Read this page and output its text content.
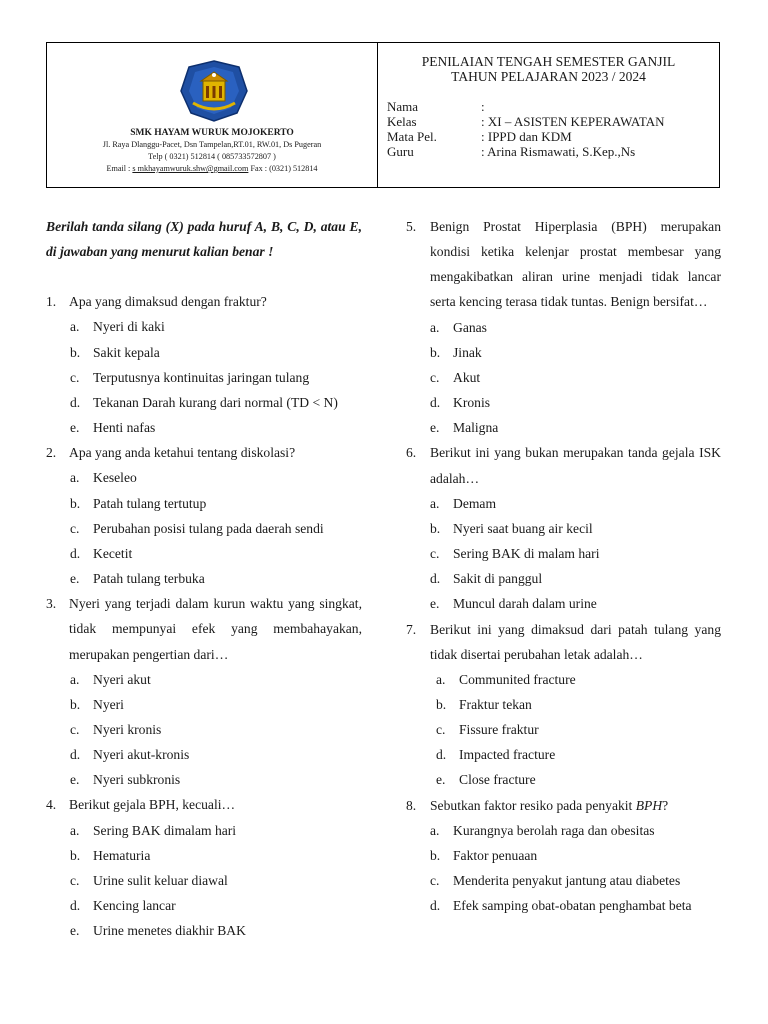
SMK HAYAM WURUK MOJOKERTO
Jl. Raya Dlanggu-Pacet, Dsn Tampelan,RT.01, RW.01, Ds Pugeran
Telp ( 0321) 512814 ( 085733572807 )
Email : s mkhayamwuruk.shw@gmail.com Fax : (0321) 512814
PENILAIAN TENGAH SEMESTER GANJIL
TAHUN PELAJARAN 2023 / 2024
Nama	:
Kelas	: XI – ASISTEN KEPERAWATAN
Mata Pel.	: IPPD dan KDM
Guru	: Arina Rismawati, S.Kep.,Ns
Berilah tanda silang (X) pada huruf A, B, C, D, atau E, di jawaban yang menurut kalian benar !
1. Apa yang dimaksud dengan fraktur?
a. Nyeri di kaki
b. Sakit kepala
c. Terputusnya kontinuitas jaringan tulang
d. Tekanan Darah kurang dari normal (TD < N)
e. Henti nafas
2. Apa yang anda ketahui tentang diskolasi?
a. Keseleo
b. Patah tulang tertutup
c. Perubahan posisi tulang pada daerah sendi
d. Kecetit
e. Patah tulang terbuka
3. Nyeri yang terjadi dalam kurun waktu yang singkat, tidak mempunyai efek yang membahayakan, merupakan pengertian dari…
a. Nyeri akut
b. Nyeri
c. Nyeri kronis
d. Nyeri akut-kronis
e. Nyeri subkronis
4. Berikut gejala BPH, kecuali…
a. Sering BAK dimalam hari
b. Hematuria
c. Urine sulit keluar diawal
d. Kencing lancar
e. Urine menetes diakhir BAK
5. Benign Prostat Hiperplasia (BPH) merupakan kondisi ketika kelenjar prostat membesar yang mengakibatkan aliran urine menjadi tidak lancar serta kencing terasa tidak tuntas. Benign bersifat…
a. Ganas
b. Jinak
c. Akut
d. Kronis
e. Maligna
6. Berikut ini yang bukan merupakan tanda gejala ISK adalah…
a. Demam
b. Nyeri saat buang air kecil
c. Sering BAK di malam hari
d. Sakit di panggul
e. Muncul darah dalam urine
7. Berikut ini yang dimaksud dari patah tulang yang tidak disertai perubahan letak adalah…
a. Communited fracture
b. Fraktur tekan
c. Fissure fraktur
d. Impacted fracture
e. Close fracture
8. Sebutkan faktor resiko pada penyakit BPH?
a. Kurangnya berolah raga dan obesitas
b. Faktor penuaan
c. Menderita penyakut jantung atau diabetes
d. Efek samping obat-obatan penghambat beta
